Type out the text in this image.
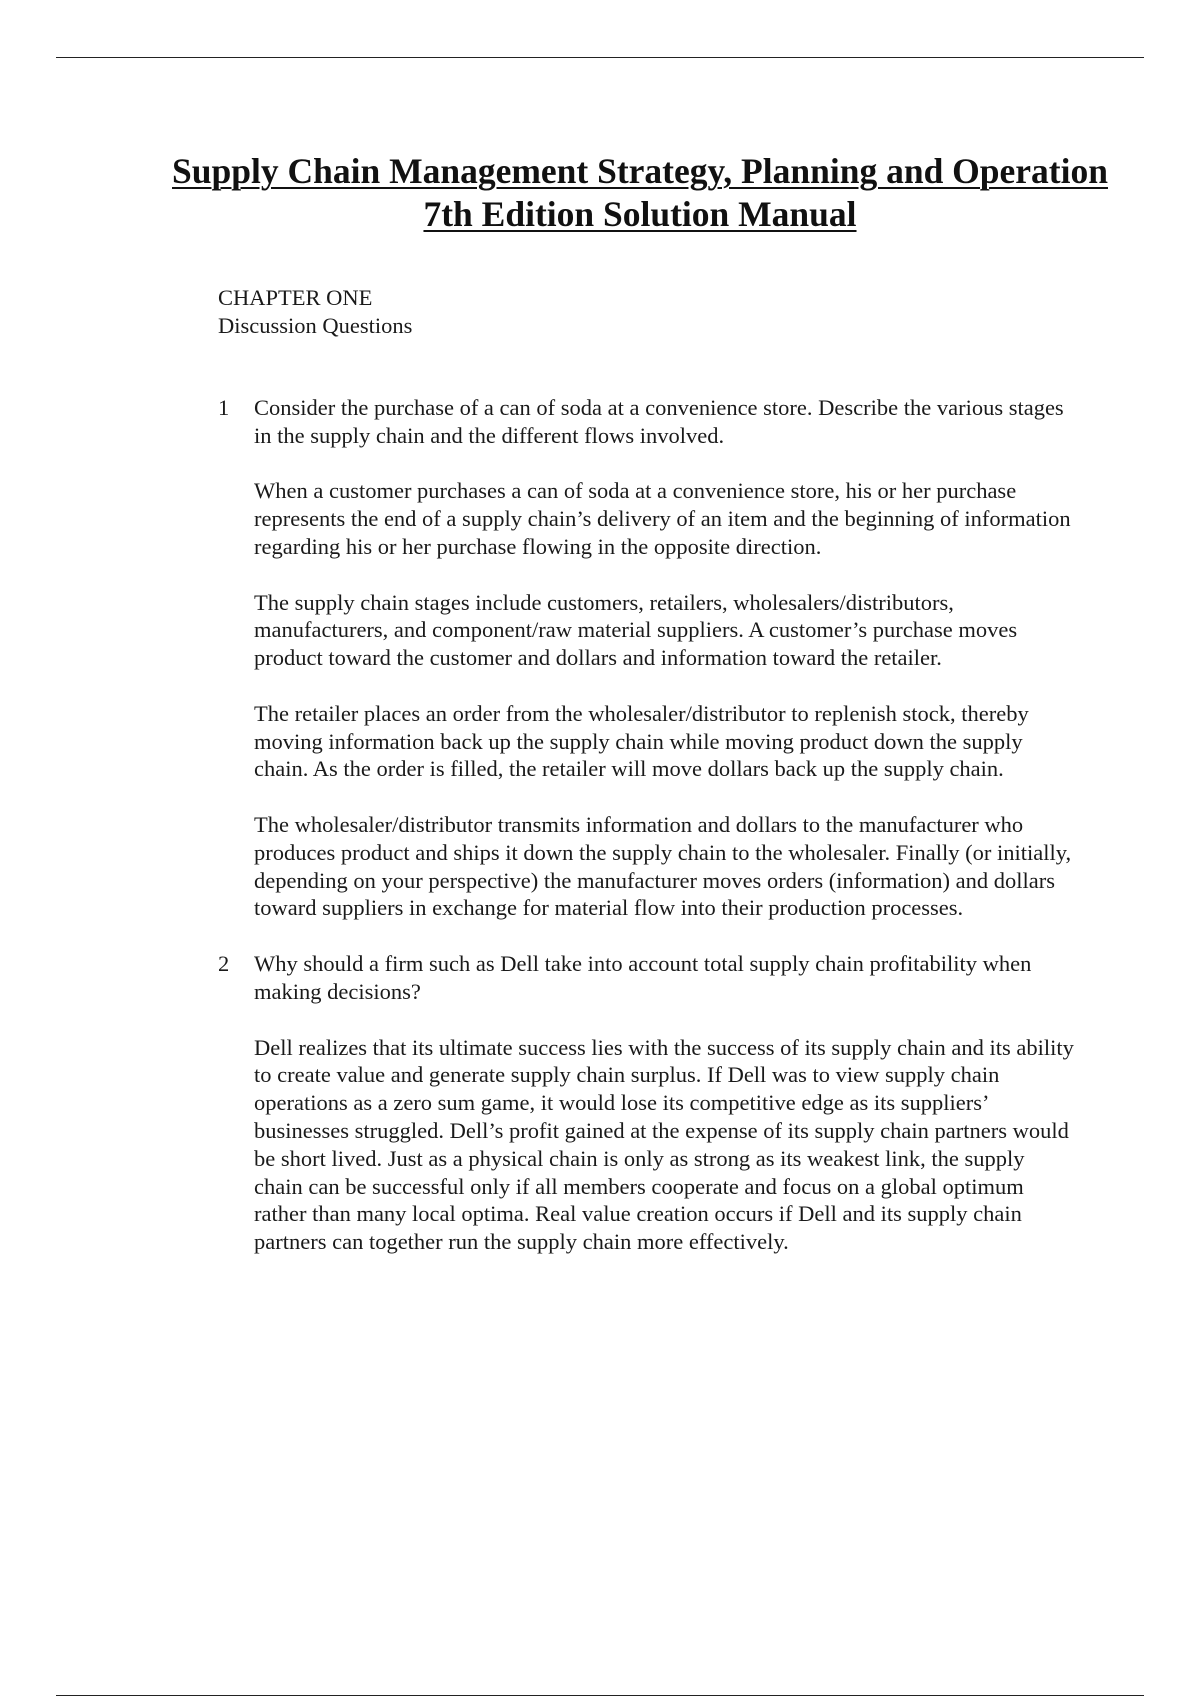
Supply Chain Management Strategy, Planning and Operation
7th Edition Solution Manual
CHAPTER ONE
Discussion Questions
1 Consider the purchase of a can of soda at a convenience store. Describe the various stages in the supply chain and the different flows involved.

When a customer purchases a can of soda at a convenience store, his or her purchase represents the end of a supply chain’s delivery of an item and the beginning of information regarding his or her purchase flowing in the opposite direction.

The supply chain stages include customers, retailers, wholesalers/distributors, manufacturers, and component/raw material suppliers. A customer’s purchase moves product toward the customer and dollars and information toward the retailer.

The retailer places an order from the wholesaler/distributor to replenish stock, thereby moving information back up the supply chain while moving product down the supply chain. As the order is filled, the retailer will move dollars back up the supply chain.

The wholesaler/distributor transmits information and dollars to the manufacturer who produces product and ships it down the supply chain to the wholesaler. Finally (or initially, depending on your perspective) the manufacturer moves orders (information) and dollars toward suppliers in exchange for material flow into their production processes.

2 Why should a firm such as Dell take into account total supply chain profitability when making decisions?

Dell realizes that its ultimate success lies with the success of its supply chain and its ability to create value and generate supply chain surplus. If Dell was to view supply chain operations as a zero sum game, it would lose its competitive edge as its suppliers’ businesses struggled. Dell’s profit gained at the expense of its supply chain partners would be short lived. Just as a physical chain is only as strong as its weakest link, the supply chain can be successful only if all members cooperate and focus on a global optimum rather than many local optima. Real value creation occurs if Dell and its supply chain partners can together run the supply chain more effectively.
